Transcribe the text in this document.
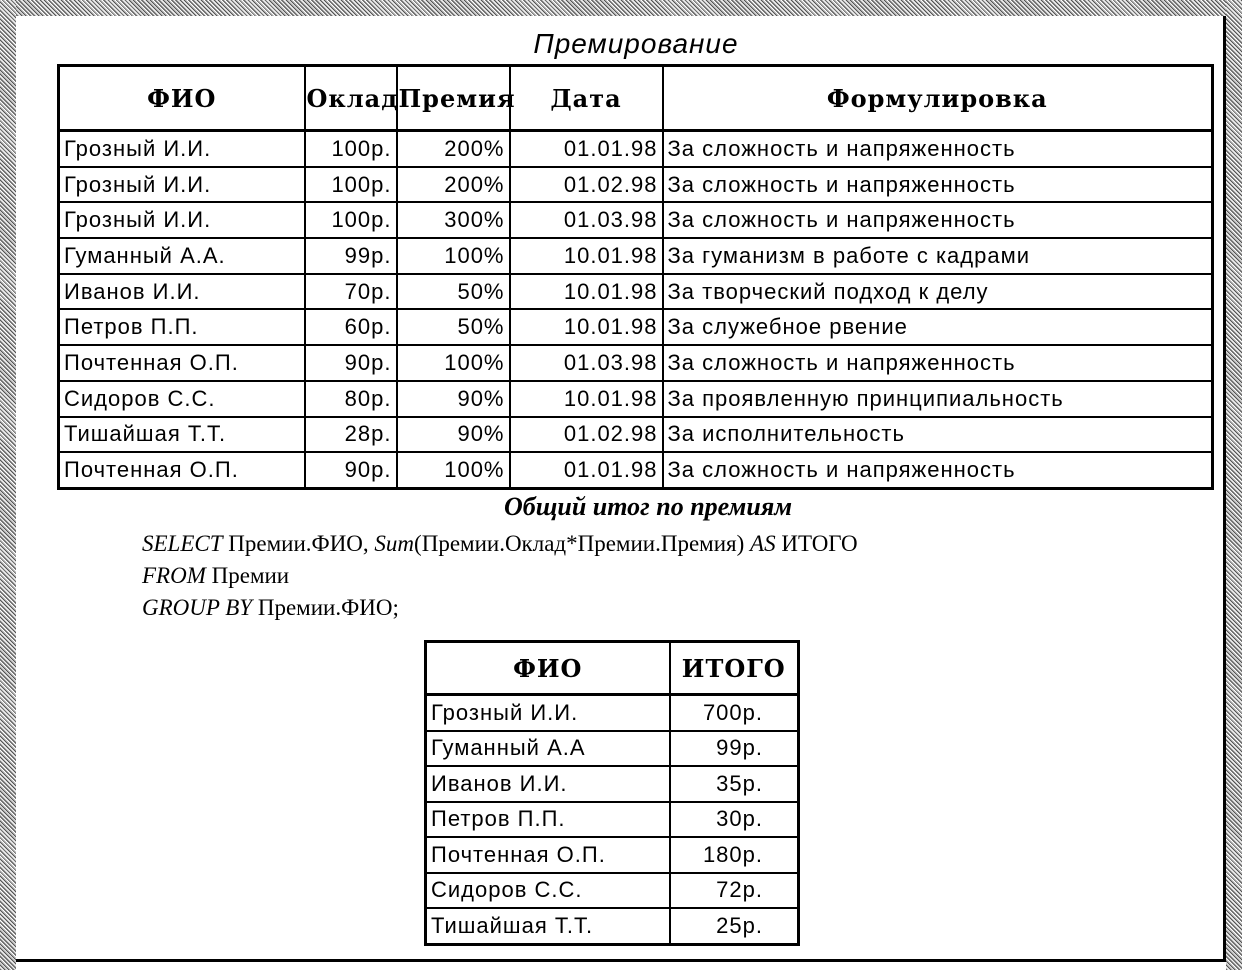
Премирование
ФИО	Оклад	Премия	Дата	Формулировка
Грозный И.И.	100р.	200%	01.01.98	За сложность и напряженность
Грозный И.И.	100р.	200%	01.02.98	За сложность и напряженность
Грозный И.И.	100р.	300%	01.03.98	За сложность и напряженность
Гуманный А.А.	99р.	100%	10.01.98	За гуманизм в работе с кадрами
Иванов И.И.	70р.	50%	10.01.98	За творческий подход к делу
Петров П.П.	60р.	50%	10.01.98	За служебное рвение
Почтенная О.П.	90р.	100%	01.03.98	За сложность и напряженность
Сидоров С.С.	80р.	90%	10.01.98	За проявленную принципиальность
Тишайшая Т.Т.	28р.	90%	01.02.98	За исполнительность
Почтенная О.П.	90р.	100%	01.01.98	За сложность и напряженность
Общий итог по премиям
SELECT Премии.ФИО, Sum(Премии.Оклад*Премии.Премия) AS ИТОГО
FROM Премии
GROUP BY Премии.ФИО;
ФИО	ИТОГО
Грозный И.И.	700р.
Гуманный А.А	99р.
Иванов И.И.	35р.
Петров П.П.	30р.
Почтенная О.П.	180р.
Сидоров С.С.	72р.
Тишайшая Т.Т.	25р.
